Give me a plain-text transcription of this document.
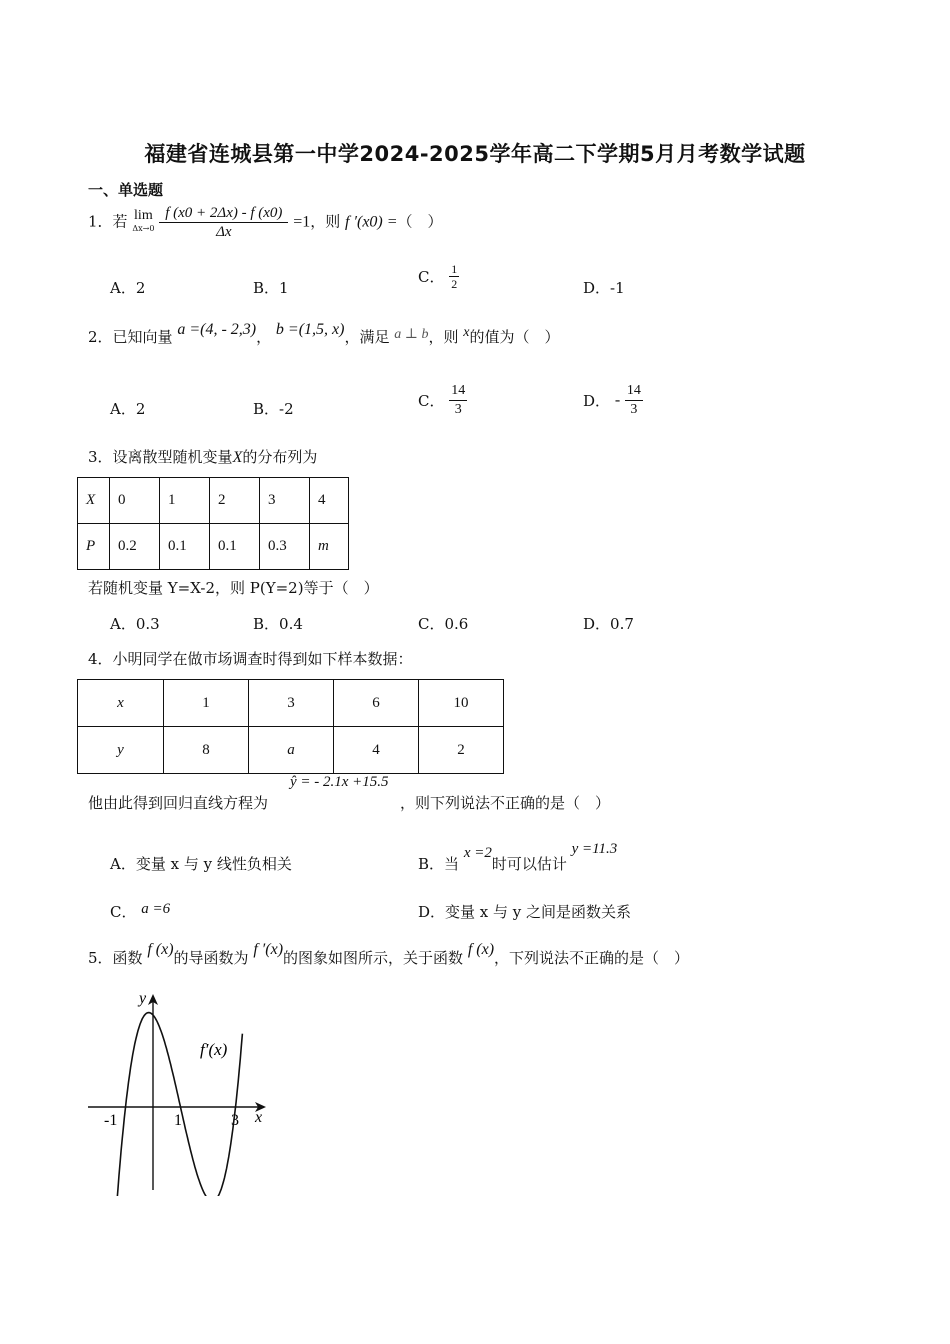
福建省连城县第一中学2024-2025学年高二下学期5月月考数学试题
一、单选题
1．若 lim
$\Delta x\to 0 \frac{f (x0 + 2\Delta x) - f (x0)}{\Delta x} =1$，则 f ′(x0) =（　）
A．2	B．1
C． $\frac{1}{2}$	D．-1
2．已知向量 a =(4, - 2,3)， b =(1,5, x)，满足 a ⊥ b，则 x的值为（　）
A．2	B．-2	C． $\frac{14}{3}$	D． - $\frac{14}{3}$
3．设离散型随机变量X的分布列为
X	0	1	2	3	4
P	0.2	0.1	0.1	0.3	m
若随机变量 Y=X-2，则 P(Y=2)等于（　）
A．0.3	B．0.4	C．0.6	D．0.7
4．小明同学在做市场调查时得到如下样本数据：
x	1	3	6	10
y	8	a	4	2
他由此得到回归直线方程为
ŷ = - 2.1x +15.5
，则下列说法不正确的是（　）
A．变量 x 与 y 线性负相关	B．当 x =2时可以估计 y =11.3
C． a =6	D．变量 x 与 y 之间是函数关系
5．函数 f (x)的导函数为 f ′(x)的图象如图所示，关于函数 f (x)，下列说法不正确的是（　）
y
x
f′(x)
-1	1	3
